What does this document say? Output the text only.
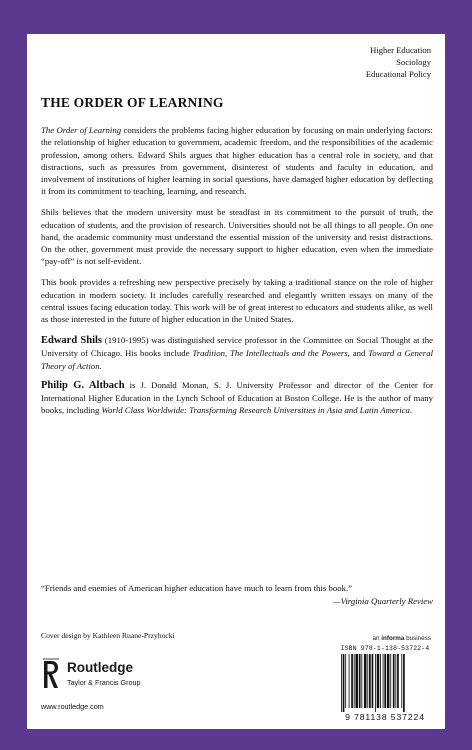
Higher Education
Sociology
Educational Policy
THE ORDER OF LEARNING

The Order of Learning considers the problems facing higher education by focusing on main underlying factors: the relationship of higher education to government, academic freedom, and the responsibilities of the academic profession, among others. Edward Shils argues that higher education has a central role in society, and that distractions, such as pressures from government, disinterest of students and faculty in education, and involvement of institutions of higher learning in social questions, have damaged higher education by deflecting it from its commitment to teaching, learning, and research.

Shils believes that the modern university must be steadfast in its commitment to the pursuit of truth, the education of students, and the provision of research. Universities should not be all things to all people. On one hand, the academic community must understand the essential mission of the university and resist distractions. On the other, government must provide the necessary support to higher education, even when the immediate “pay-off” is not self-evident.

This book provides a refreshing new perspective precisely by taking a traditional stance on the role of higher education in modern society. It includes carefully researched and elegantly written essays on many of the central issues facing education today. This work will be of great interest to educators and students alike, as well as those interested in the future of higher education in the United States.

Edward Shils (1910-1995) was distinguished service professor in the Committee on Social Thought at the University of Chicago. His books include Tradition, The Intellectuals and the Powers, and Toward a General Theory of Action.

Philip G. Altbach is J. Donald Monan, S. J. University Professor and director of the Center for International Higher Education in the Lynch School of Education at Boston College. He is the author of many books, including World Class Worldwide: Transforming Research Universities in Asia and Latin America.

“Friends and enemies of American higher education have much to learn from this book.”
—Virginia Quarterly Review
Cover design by Kathleen Ruane-Przyhocki
Routledge
Taylor & Francis Group
www.routledge.com
an informa business
ISBN 978-1-138-53722-4
9 781138 537224
